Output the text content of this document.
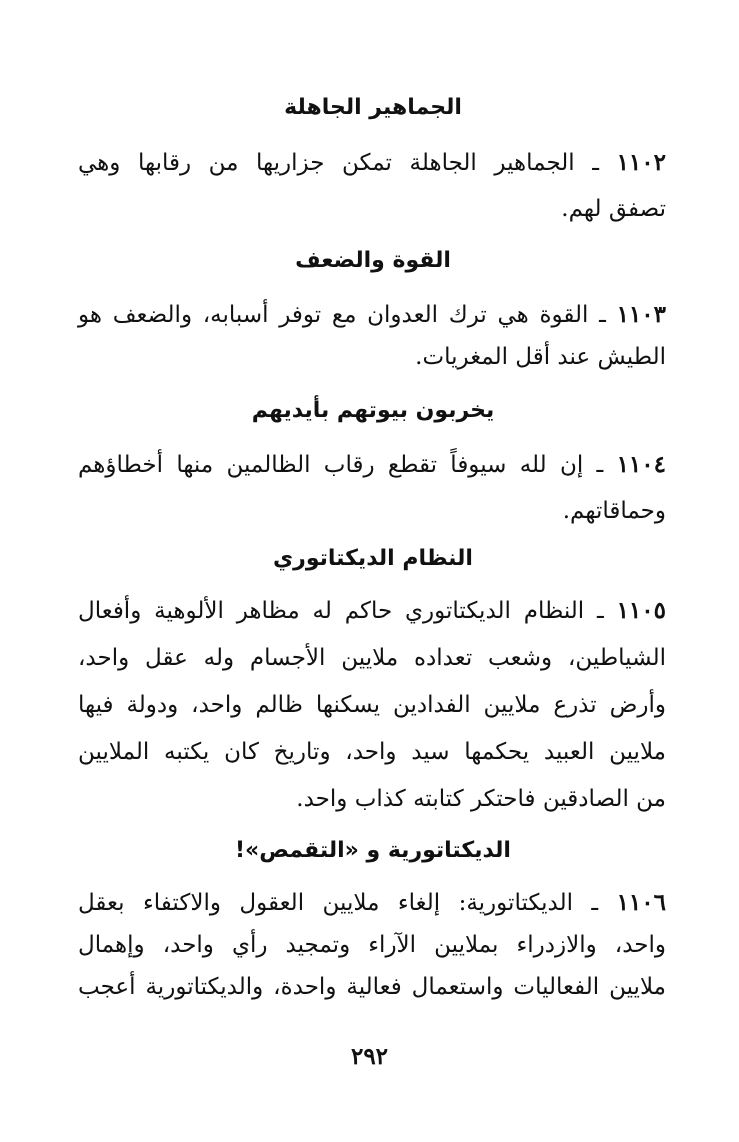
الجماهير الجاهلة
١١٠٢ ـ الجماهير الجاهلة تمكن جزاريها من رقابها وهي
تصفق لهم.
القوة والضعف
١١٠٣ ـ القوة هي ترك العدوان مع توفر أسبابه، والضعف هو
الطيش عند أقل المغريات.
يخربون بيوتهم بأيديهم
١١٠٤ ـ إن لله سيوفاً تقطع رقاب الظالمين منها أخطاؤهم
وحماقاتهم.
النظام الديكتاتوري
١١٠٥ ـ النظام الديكتاتوري حاكم له مظاهر الألوهية وأفعال
الشياطين، وشعب تعداده ملايين الأجسام وله عقل واحد،
وأرض تذرع ملايين الفدادين يسكنها ظالم واحد، ودولة فيها
ملايين العبيد يحكمها سيد واحد، وتاريخ كان يكتبه الملايين
من الصادقين فاحتكر كتابته كذاب واحد.
الديكتاتورية و «التقمص»!
١١٠٦ ـ الديكتاتورية: إلغاء ملايين العقول والاكتفاء بعقل
واحد، والازدراء بملايين الآراء وتمجيد رأي واحد، وإهمال
ملايين الفعاليات واستعمال فعالية واحدة، والديكتاتورية أعجب
٢٩٢
